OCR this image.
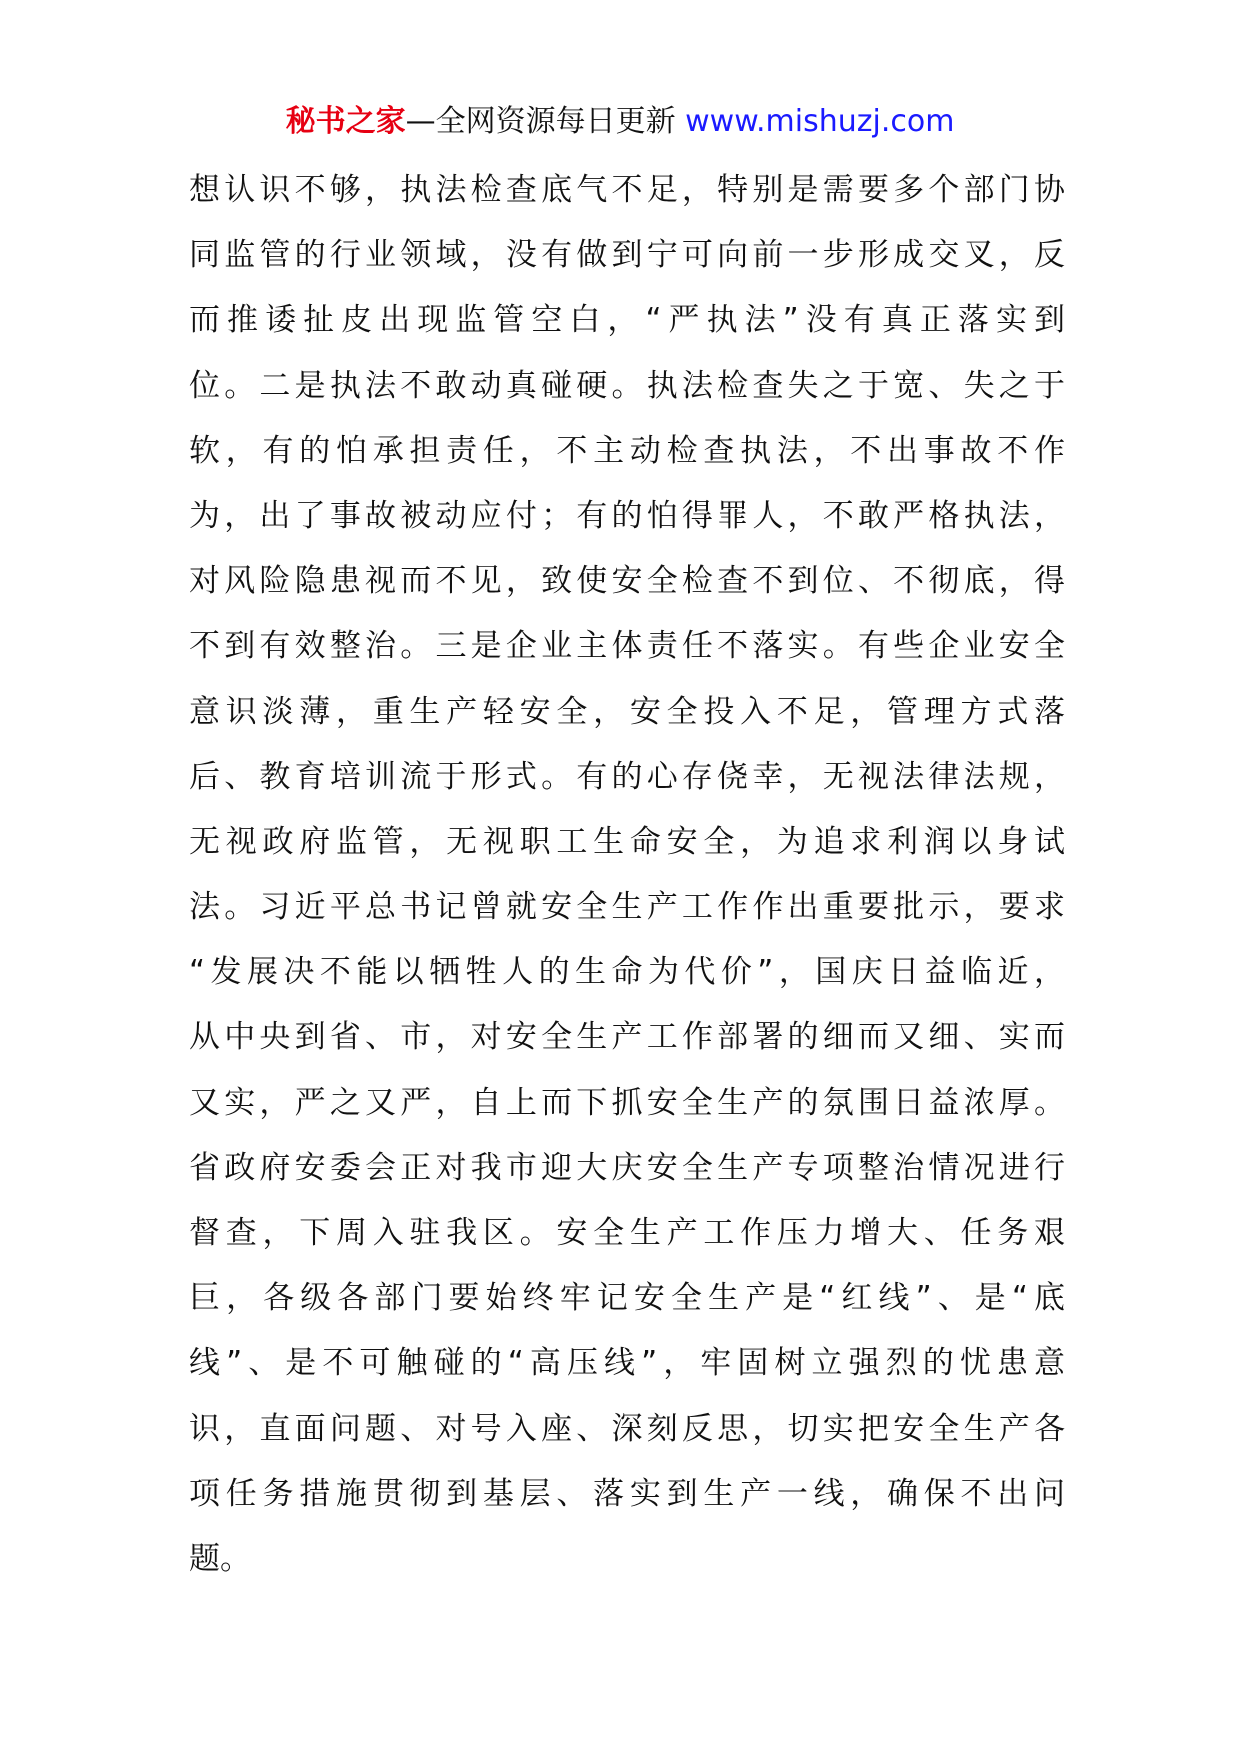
秘书之家—全网资源每日更新 www.mishuzj.com
想认识不够，执法检查底气不足，特别是需要多个部门协
同监管的行业领域，没有做到宁可向前一步形成交叉，反
而推诿扯皮出现监管空白，“严执法”没有真正落实到
位。二是执法不敢动真碰硬。执法检查失之于宽、失之于
软，有的怕承担责任，不主动检查执法，不出事故不作
为，出了事故被动应付；有的怕得罪人，不敢严格执法，
对风险隐患视而不见，致使安全检查不到位、不彻底，得
不到有效整治。三是企业主体责任不落实。有些企业安全
意识淡薄，重生产轻安全，安全投入不足，管理方式落
后、教育培训流于形式。有的心存侥幸，无视法律法规，
无视政府监管，无视职工生命安全，为追求利润以身试
法。习近平总书记曾就安全生产工作作出重要批示，要求
“发展决不能以牺牲人的生命为代价”，国庆日益临近，
从中央到省、市，对安全生产工作部署的细而又细、实而
又实，严之又严，自上而下抓安全生产的氛围日益浓厚。
省政府安委会正对我市迎大庆安全生产专项整治情况进行
督查，下周入驻我区。安全生产工作压力增大、任务艰
巨，各级各部门要始终牢记安全生产是“红线”、是“底
线”、是不可触碰的“高压线”，牢固树立强烈的忧患意
识，直面问题、对号入座、深刻反思，切实把安全生产各
项任务措施贯彻到基层、落实到生产一线，确保不出问
题。
